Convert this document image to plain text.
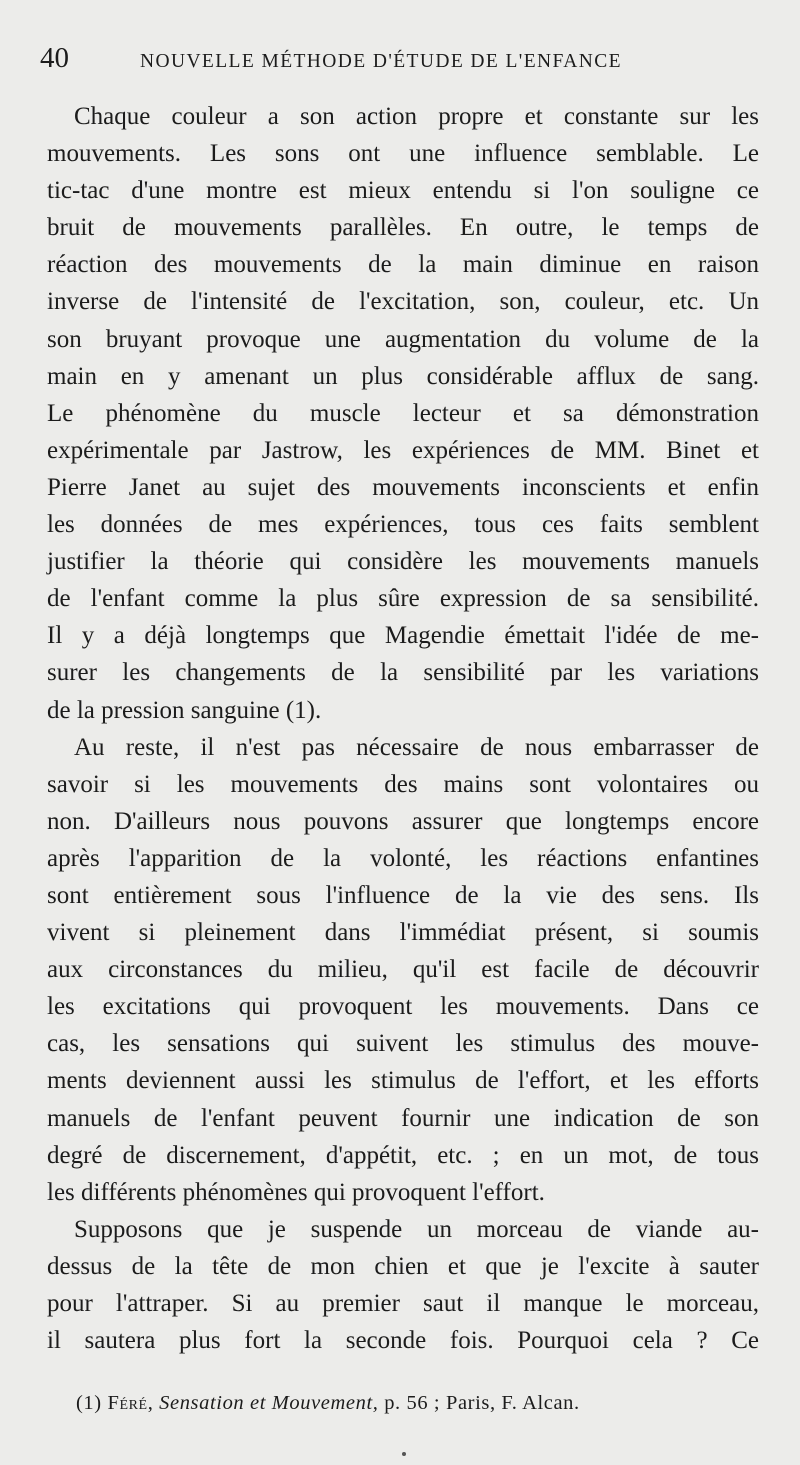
40	NOUVELLE MÉTHODE D'ÉTUDE DE L'ENFANCE
Chaque couleur a son action propre et constante sur les
mouvements. Les sons ont une influence semblable. Le
tic-tac d'une montre est mieux entendu si l'on souligne ce
bruit de mouvements parallèles. En outre, le temps de
réaction des mouvements de la main diminue en raison
inverse de l'intensité de l'excitation, son, couleur, etc. Un
son bruyant provoque une augmentation du volume de la
main en y amenant un plus considérable afflux de sang.
Le phénomène du muscle lecteur et sa démonstration
expérimentale par Jastrow, les expériences de MM. Binet et
Pierre Janet au sujet des mouvements inconscients et enfin
les données de mes expériences, tous ces faits semblent
justifier la théorie qui considère les mouvements manuels
de l'enfant comme la plus sûre expression de sa sensibilité.
Il y a déjà longtemps que Magendie émettait l'idée de me-
surer les changements de la sensibilité par les variations
de la pression sanguine (1).
Au reste, il n'est pas nécessaire de nous embarrasser de
savoir si les mouvements des mains sont volontaires ou
non. D'ailleurs nous pouvons assurer que longtemps encore
après l'apparition de la volonté, les réactions enfantines
sont entièrement sous l'influence de la vie des sens. Ils
vivent si pleinement dans l'immédiat présent, si soumis
aux circonstances du milieu, qu'il est facile de découvrir
les excitations qui provoquent les mouvements. Dans ce
cas, les sensations qui suivent les stimulus des mouve-
ments deviennent aussi les stimulus de l'effort, et les efforts
manuels de l'enfant peuvent fournir une indication de son
degré de discernement, d'appétit, etc. ; en un mot, de tous
les différents phénomènes qui provoquent l'effort.
Supposons que je suspende un morceau de viande au-
dessus de la tête de mon chien et que je l'excite à sauter
pour l'attraper. Si au premier saut il manque le morceau,
il sautera plus fort la seconde fois. Pourquoi cela ? Ce
(1) Féré, Sensation et Mouvement, p. 56 ; Paris, F. Alcan.
